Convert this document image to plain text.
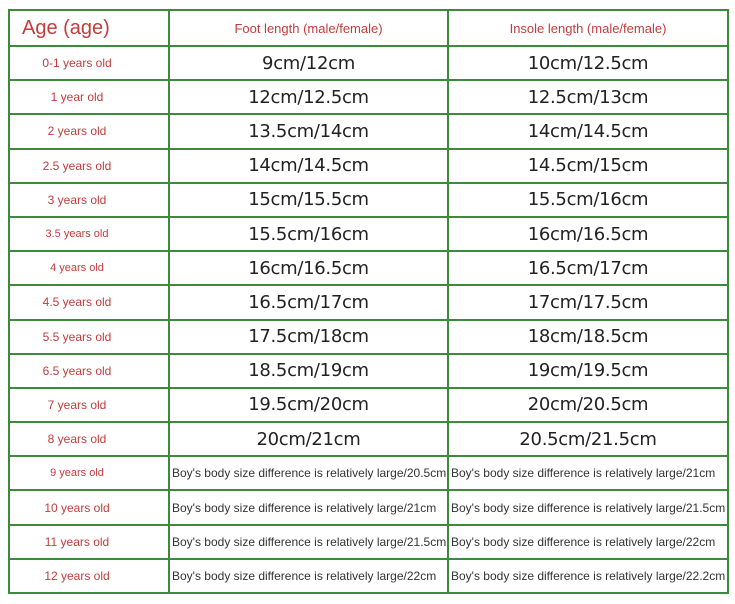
Age (age)	Foot length (male/female)	Insole length (male/female)
0-1 years old	9cm/12cm	10cm/12.5cm
1 year old	12cm/12.5cm	12.5cm/13cm
2 years old	13.5cm/14cm	14cm/14.5cm
2.5 years old	14cm/14.5cm	14.5cm/15cm
3 years old	15cm/15.5cm	15.5cm/16cm
3.5 years old	15.5cm/16cm	16cm/16.5cm
4 years old	16cm/16.5cm	16.5cm/17cm
4.5 years old	16.5cm/17cm	17cm/17.5cm
5.5 years old	17.5cm/18cm	18cm/18.5cm
6.5 years old	18.5cm/19cm	19cm/19.5cm
7 years old	19.5cm/20cm	20cm/20.5cm
8 years old	20cm/21cm	20.5cm/21.5cm
9 years old	Boy's body size difference is relatively large/20.5cm	Boy's body size difference is relatively large/21cm
10 years old	Boy's body size difference is relatively large/21cm	Boy's body size difference is relatively large/21.5cm
11 years old	Boy's body size difference is relatively large/21.5cm	Boy's body size difference is relatively large/22cm
12 years old	Boy's body size difference is relatively large/22cm	Boy's body size difference is relatively large/22.2cm
